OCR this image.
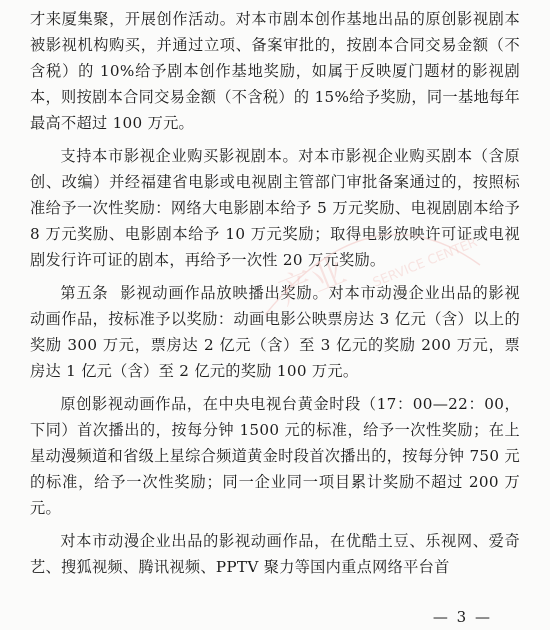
产业 SERVICE CENTER

才来厦集聚，开展创作活动。对本市剧本创作基地出品的原创影视剧本被影视机构购买，并通过立项、备案审批的，按剧本合同交易金额（不含税）的 10%给予剧本创作基地奖励，如属于反映厦门题材的影视剧本，则按剧本合同交易金额（不含税）的 15%给予奖励，同一基地每年最高不超过 100 万元。

支持本市影视企业购买影视剧本。对本市影视企业购买剧本（含原创、改编）并经福建省电影或电视剧主管部门审批备案通过的，按照标准给予一次性奖励：网络大电影剧本给予 5 万元奖励、电视剧剧本给予 8 万元奖励、电影剧本给予 10 万元奖励；取得电影放映许可证或电视剧发行许可证的剧本，再给予一次性 20 万元奖励。

第五条 影视动画作品放映播出奖励。对本市动漫企业出品的影视动画作品，按标准予以奖励：动画电影公映票房达 3 亿元（含）以上的奖励 300 万元，票房达 2 亿元（含）至 3 亿元的奖励 200 万元，票房达 1 亿元（含）至 2 亿元的奖励 100 万元。

原创影视动画作品，在中央电视台黄金时段（17：00—22：00，下同）首次播出的，按每分钟 1500 元的标准，给予一次性奖励；在上星动漫频道和省级上星综合频道黄金时段首次播出的，按每分钟 750 元的标准，给予一次性奖励；同一企业同一项目累计奖励不超过 200 万元。

对本市动漫企业出品的影视动画作品，在优酷土豆、乐视网、爱奇艺、搜狐视频、腾讯视频、PPTV 聚力等国内重点网络平台首

— 3 —
